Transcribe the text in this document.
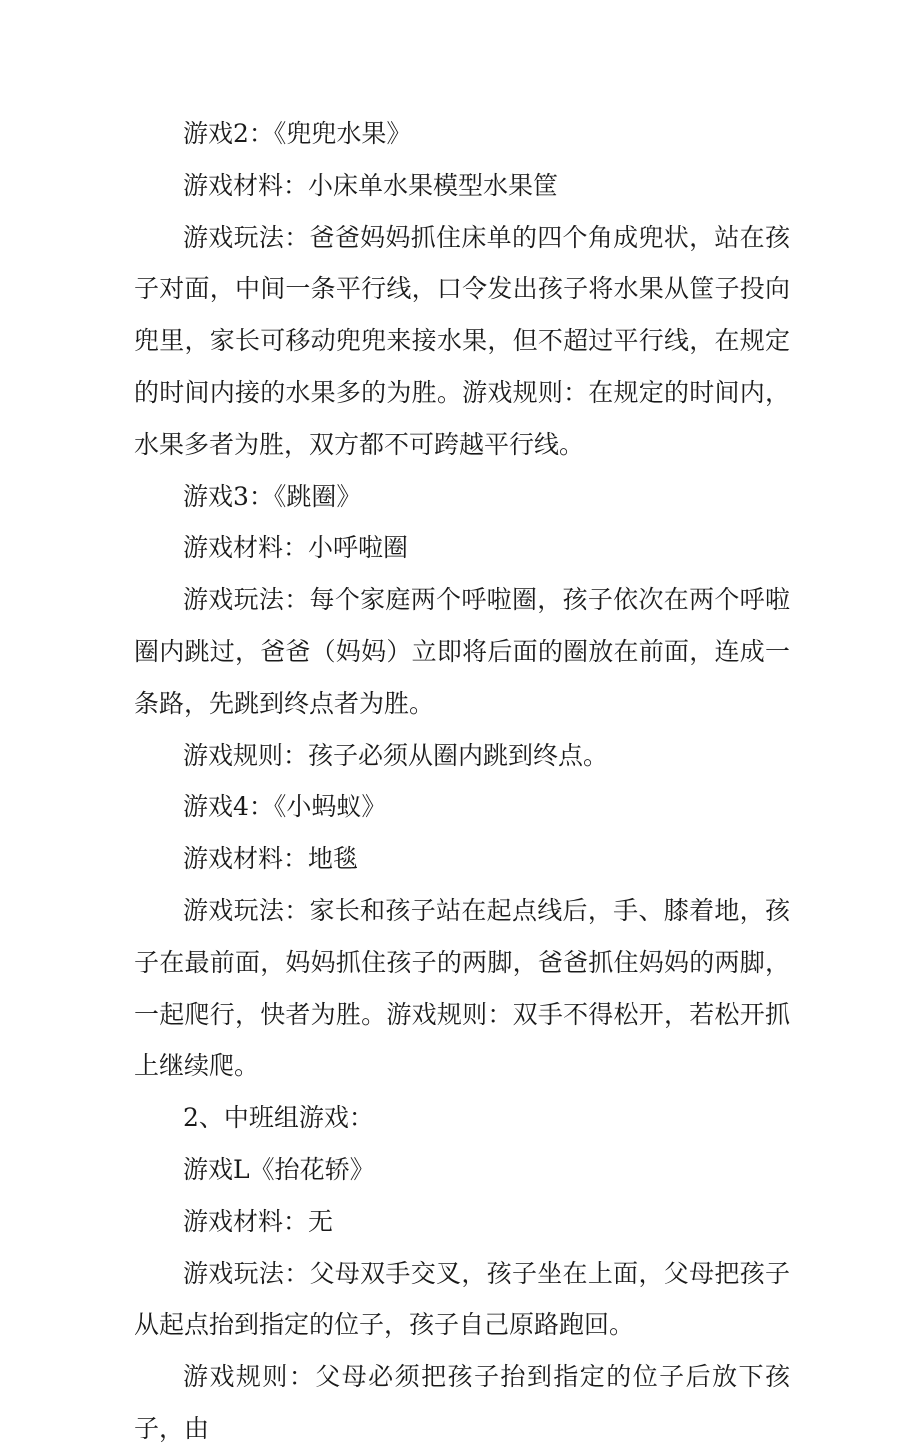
游戏2：《兜兜水果》

游戏材料：小床单水果模型水果筐

游戏玩法：爸爸妈妈抓住床单的四个角成兜状，站在孩子对面，中间一条平行线，口令发出孩子将水果从筐子投向兜里，家长可移动兜兜来接水果，但不超过平行线，在规定的时间内接的水果多的为胜。游戏规则：在规定的时间内，水果多者为胜，双方都不可跨越平行线。

游戏3：《跳圈》

游戏材料：小呼啦圈

游戏玩法：每个家庭两个呼啦圈，孩子依次在两个呼啦圈内跳过，爸爸（妈妈）立即将后面的圈放在前面，连成一条路，先跳到终点者为胜。

游戏规则：孩子必须从圈内跳到终点。

游戏4：《小蚂蚁》

游戏材料：地毯

游戏玩法：家长和孩子站在起点线后，手、膝着地，孩子在最前面，妈妈抓住孩子的两脚，爸爸抓住妈妈的两脚，一起爬行，快者为胜。游戏规则：双手不得松开，若松开抓上继续爬。

2、中班组游戏：

游戏L《抬花轿》

游戏材料：无

游戏玩法：父母双手交叉，孩子坐在上面，父母把孩子从起点抬到指定的位子，孩子自己原路跑回。

游戏规则：父母必须把孩子抬到指定的位子后放下孩子，由
